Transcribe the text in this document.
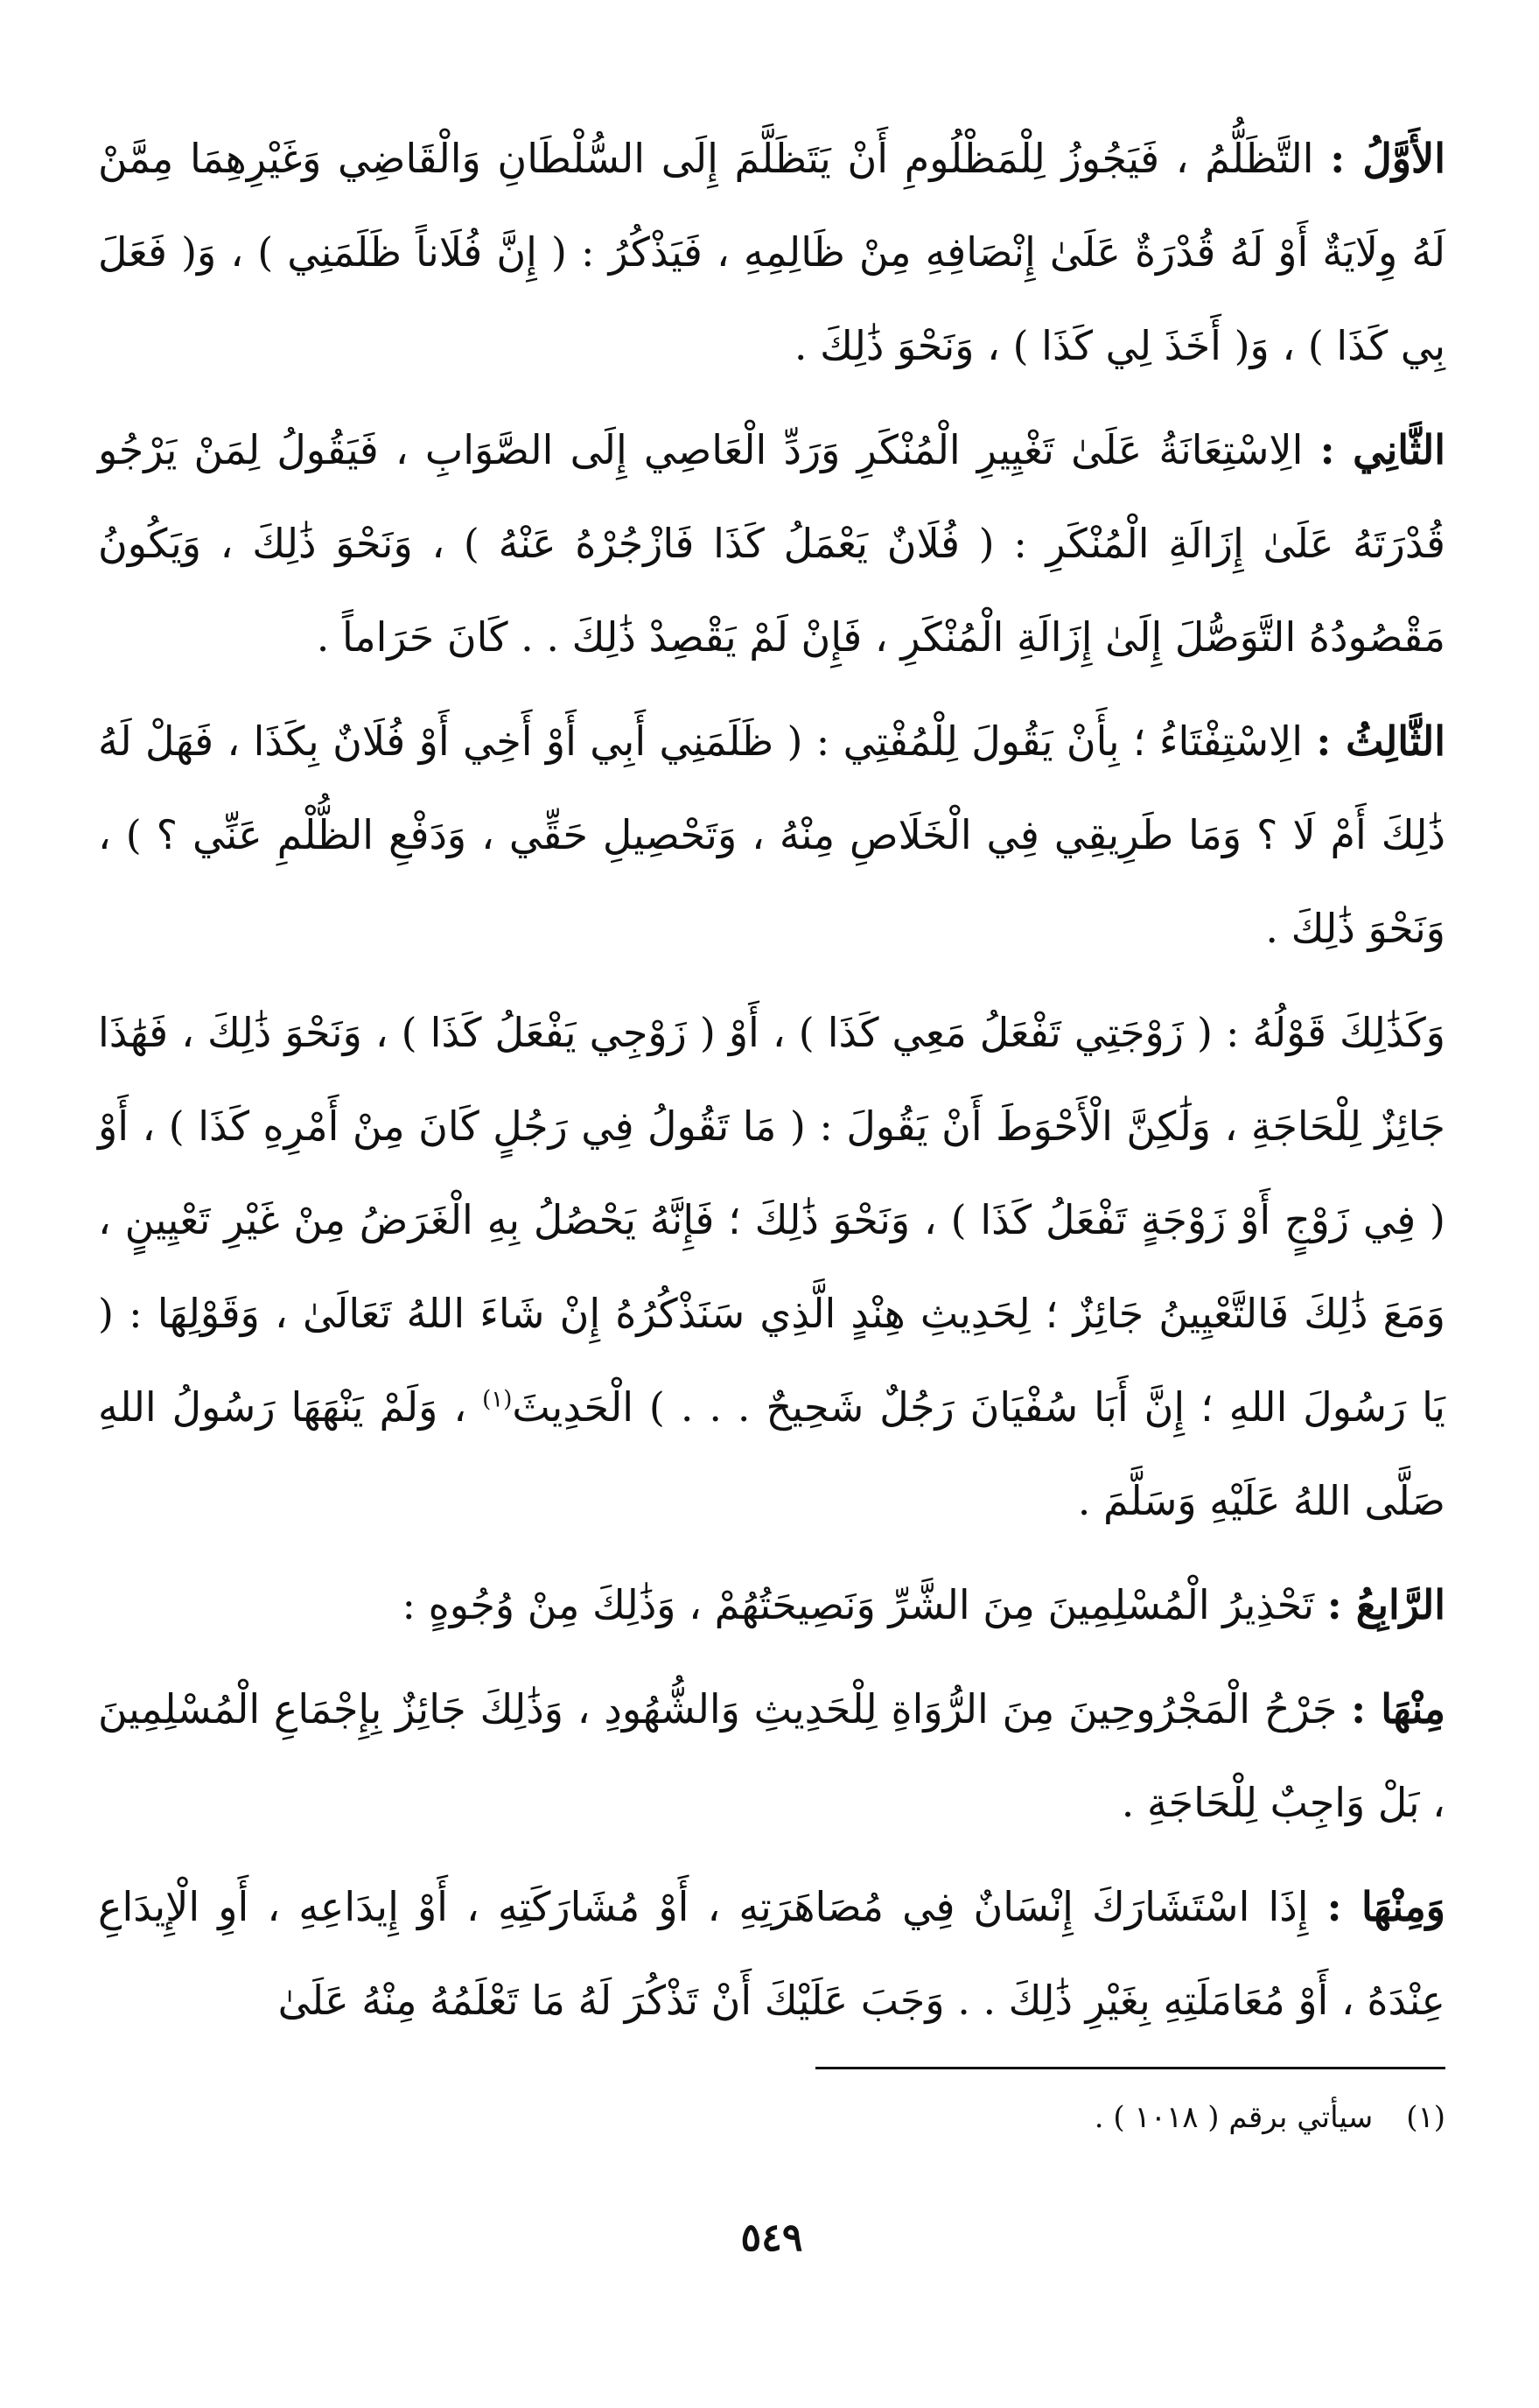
الأَوَّلُ : التَّظَلُّمُ ، فَيَجُوزُ لِلْمَظْلُومِ أَنْ يَتَظَلَّمَ إِلَى السُّلْطَانِ وَالْقَاضِي وَغَيْرِهِمَا مِمَّنْ لَهُ وِلَايَةٌ أَوْ لَهُ قُدْرَةٌ عَلَىٰ إِنْصَافِهِ مِنْ ظَالِمِهِ ، فَيَذْكُرُ : ( إِنَّ فُلَاناً ظَلَمَنِي ) ، وَ( فَعَلَ بِي كَذَا ) ، وَ( أَخَذَ لِي كَذَا ) ، وَنَحْوَ ذَٰلِكَ .

الثَّانِي : الِاسْتِعَانَةُ عَلَىٰ تَغْيِيرِ الْمُنْكَرِ وَرَدِّ الْعَاصِي إِلَى الصَّوَابِ ، فَيَقُولُ لِمَنْ يَرْجُو قُدْرَتَهُ عَلَىٰ إِزَالَةِ الْمُنْكَرِ : ( فُلَانٌ يَعْمَلُ كَذَا فَازْجُرْهُ عَنْهُ ) ، وَنَحْوَ ذَٰلِكَ ، وَيَكُونُ مَقْصُودُهُ التَّوَصُّلَ إِلَىٰ إِزَالَةِ الْمُنْكَرِ ، فَإِنْ لَمْ يَقْصِدْ ذَٰلِكَ . . كَانَ حَرَاماً .

الثَّالِثُ : الِاسْتِفْتَاءُ ؛ بِأَنْ يَقُولَ لِلْمُفْتِي : ( ظَلَمَنِي أَبِي أَوْ أَخِي أَوْ فُلَانٌ بِكَذَا ، فَهَلْ لَهُ ذَٰلِكَ أَمْ لَا ؟ وَمَا طَرِيقِي فِي الْخَلَاصِ مِنْهُ ، وَتَحْصِيلِ حَقِّي ، وَدَفْعِ الظُّلْمِ عَنِّي ؟ ) ، وَنَحْوَ ذَٰلِكَ .

وَكَذَٰلِكَ قَوْلُهُ : ( زَوْجَتِي تَفْعَلُ مَعِي كَذَا ) ، أَوْ ( زَوْجِي يَفْعَلُ كَذَا ) ، وَنَحْوَ ذَٰلِكَ ، فَهَٰذَا جَائِزٌ لِلْحَاجَةِ ، وَلَٰكِنَّ الْأَحْوَطَ أَنْ يَقُولَ : ( مَا تَقُولُ فِي رَجُلٍ كَانَ مِنْ أَمْرِهِ كَذَا ) ، أَوْ ( فِي زَوْجٍ أَوْ زَوْجَةٍ تَفْعَلُ كَذَا ) ، وَنَحْوَ ذَٰلِكَ ؛ فَإِنَّهُ يَحْصُلُ بِهِ الْغَرَضُ مِنْ غَيْرِ تَعْيِينٍ ، وَمَعَ ذَٰلِكَ فَالتَّعْيِينُ جَائِزٌ ؛ لِحَدِيثِ هِنْدٍ الَّذِي سَنَذْكُرُهُ إِنْ شَاءَ اللهُ تَعَالَىٰ ، وَقَوْلِهَا : ( يَا رَسُولَ اللهِ ؛ إِنَّ أَبَا سُفْيَانَ رَجُلٌ شَحِيحٌ . . . ) الْحَدِيثَ$^{(١)}$ ، وَلَمْ يَنْهَهَا رَسُولُ اللهِ صَلَّى اللهُ عَلَيْهِ وَسَلَّمَ .

الرَّابِعُ : تَحْذِيرُ الْمُسْلِمِينَ مِنَ الشَّرِّ وَنَصِيحَتُهُمْ ، وَذَٰلِكَ مِنْ وُجُوهٍ :

مِنْهَا : جَرْحُ الْمَجْرُوحِينَ مِنَ الرُّوَاةِ لِلْحَدِيثِ وَالشُّهُودِ ، وَذَٰلِكَ جَائِزٌ بِإِجْمَاعِ الْمُسْلِمِينَ ، بَلْ وَاجِبٌ لِلْحَاجَةِ .

وَمِنْهَا : إِذَا اسْتَشَارَكَ إِنْسَانٌ فِي مُصَاهَرَتِهِ ، أَوْ مُشَارَكَتِهِ ، أَوْ إِيدَاعِهِ ، أَوِ الْإِيدَاعِ عِنْدَهُ ، أَوْ مُعَامَلَتِهِ بِغَيْرِ ذَٰلِكَ . . وَجَبَ عَلَيْكَ أَنْ تَذْكُرَ لَهُ مَا تَعْلَمُهُ مِنْهُ عَلَىٰ

(١)سيأتي برقم ( ١٠١٨ ) .
٥٤٩
